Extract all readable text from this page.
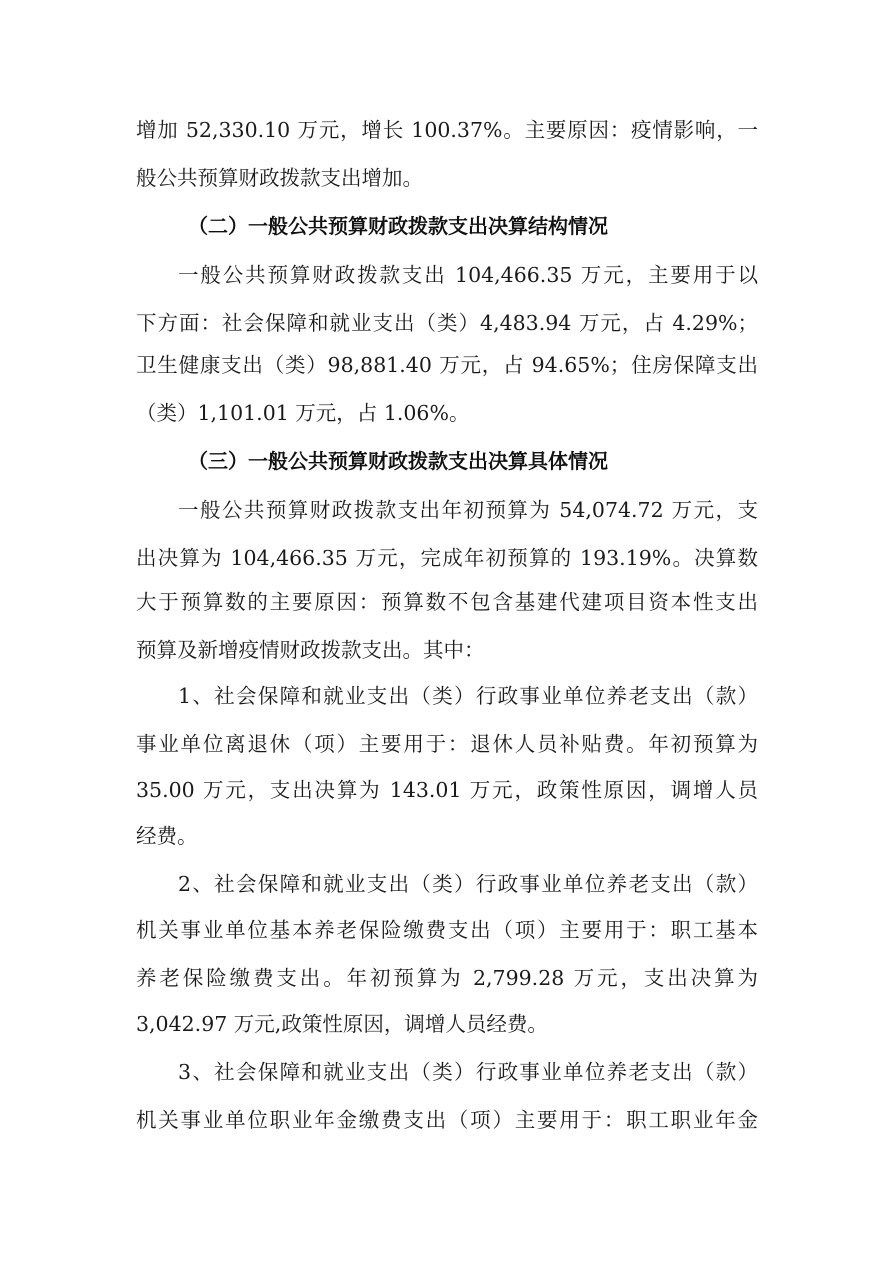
增加 52,330.10 万元，增长 100.37%。主要原因：疫情影响，一
般公共预算财政拨款支出增加。
（二）一般公共预算财政拨款支出决算结构情况
一般公共预算财政拨款支出 104,466.35 万元，主要用于以
下方面：社会保障和就业支出（类）4,483.94 万元，占 4.29%；
卫生健康支出（类）98,881.40 万元，占 94.65%；住房保障支出
（类）1,101.01 万元，占 1.06%。
（三）一般公共预算财政拨款支出决算具体情况
一般公共预算财政拨款支出年初预算为 54,074.72 万元，支
出决算为 104,466.35 万元，完成年初预算的 193.19%。决算数
大于预算数的主要原因：预算数不包含基建代建项目资本性支出
预算及新增疫情财政拨款支出。其中：
1、社会保障和就业支出（类）行政事业单位养老支出（款）
事业单位离退休（项）主要用于：退休人员补贴费。年初预算为
35.00 万元，支出决算为 143.01 万元，政策性原因，调增人员
经费。
2、社会保障和就业支出（类）行政事业单位养老支出（款）
机关事业单位基本养老保险缴费支出（项）主要用于：职工基本
养老保险缴费支出。年初预算为 2,799.28 万元，支出决算为
3,042.97 万元,政策性原因，调增人员经费。
3、社会保障和就业支出（类）行政事业单位养老支出（款）
机关事业单位职业年金缴费支出（项）主要用于：职工职业年金
